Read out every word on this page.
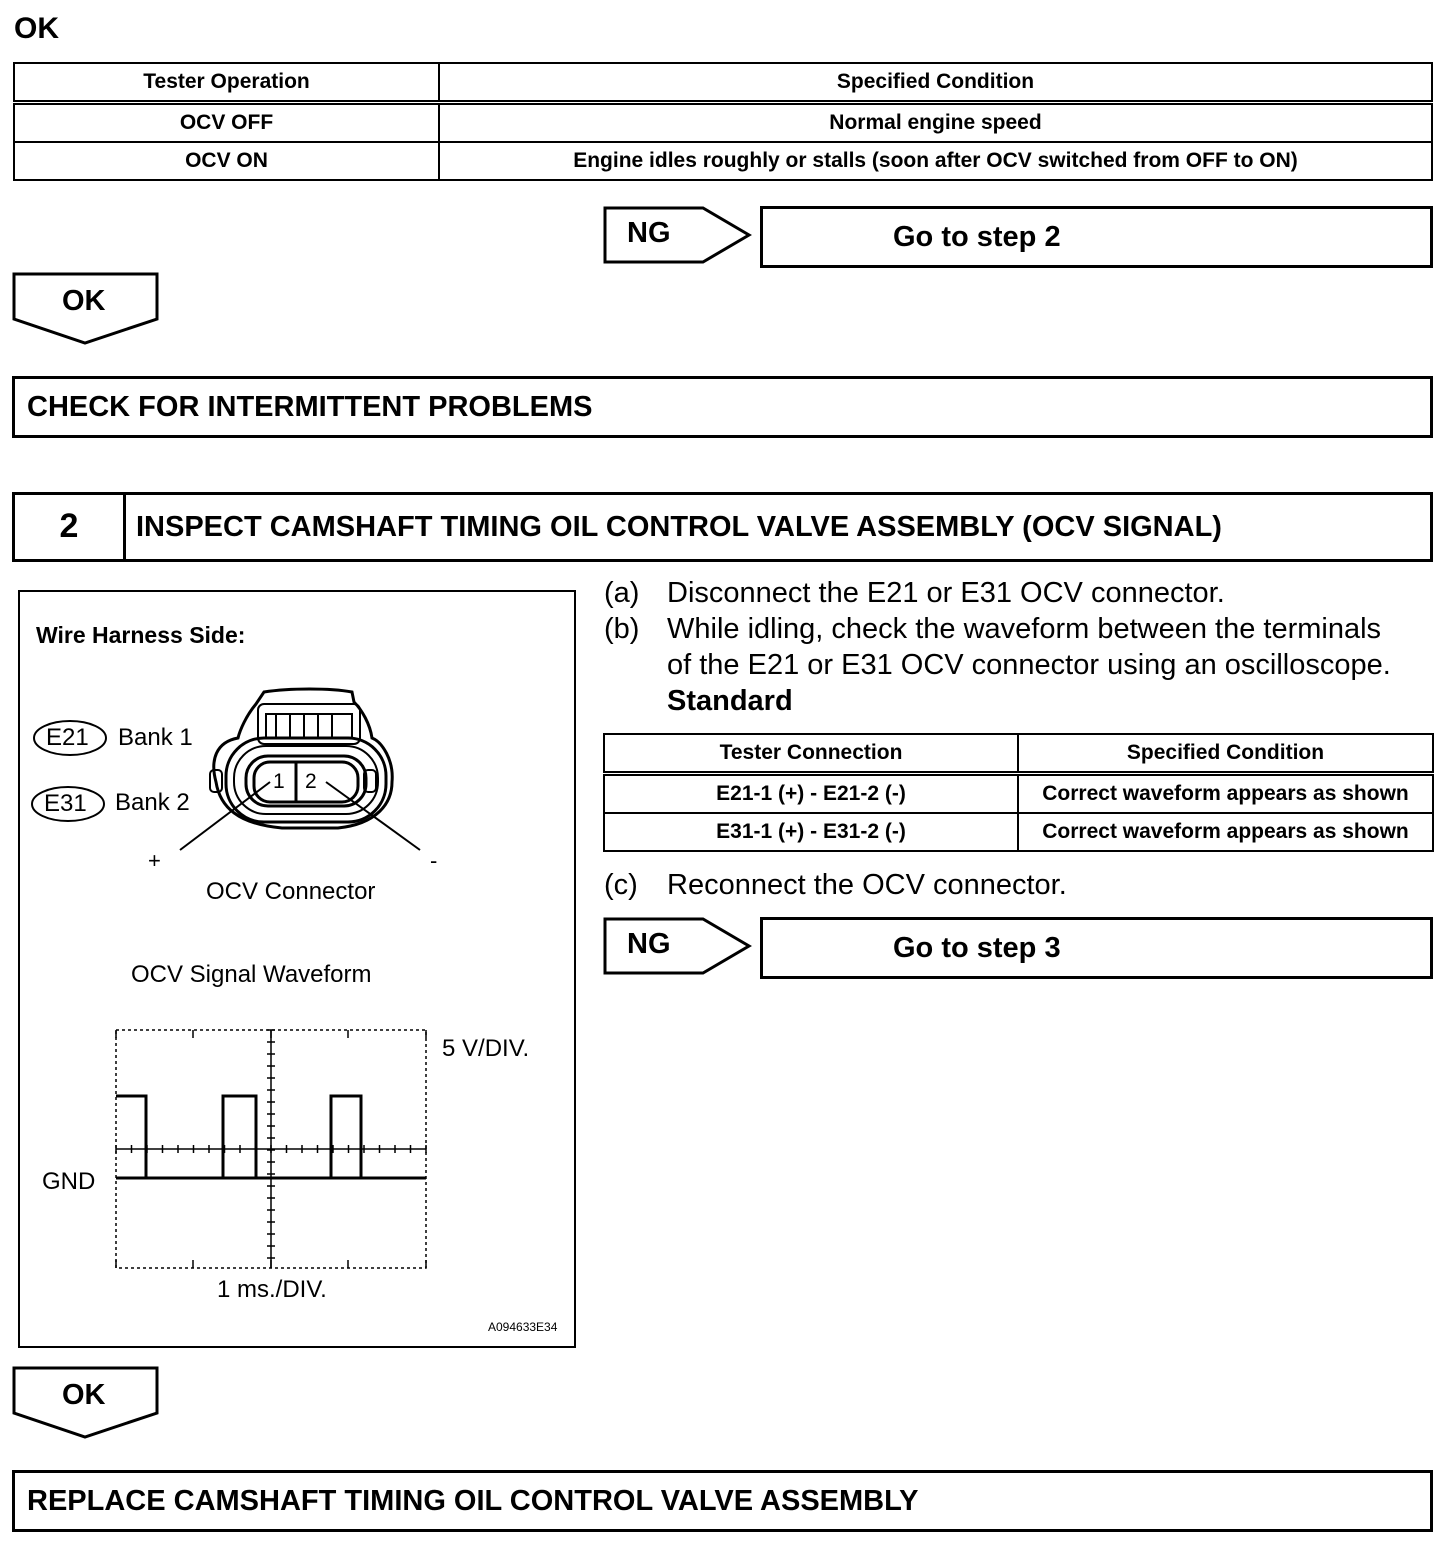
OK
Tester Operation	Specified Condition
OCV OFF	Normal engine speed
OCV ON	Engine idles roughly or stalls (soon after OCV switched from OFF to ON)
NG	Go to step 2
OK
CHECK FOR INTERMITTENT PROBLEMS
2	INSPECT CAMSHAFT TIMING OIL CONTROL VALVE ASSEMBLY (OCV SIGNAL)
Wire Harness Side:
E21 Bank 1
E31 Bank 2
1 2
+	-
OCV Connector
OCV Signal Waveform
5 V/DIV.
GND
1 ms./DIV.
A094633E34
(a) Disconnect the E21 or E31 OCV connector.
(b) While idling, check the waveform between the terminals
of the E21 or E31 OCV connector using an oscilloscope.
Standard
Tester Connection	Specified Condition
E21-1 (+) - E21-2 (-)	Correct waveform appears as shown
E31-1 (+) - E31-2 (-)	Correct waveform appears as shown
(c) Reconnect the OCV connector.
NG	Go to step 3
OK
REPLACE CAMSHAFT TIMING OIL CONTROL VALVE ASSEMBLY
